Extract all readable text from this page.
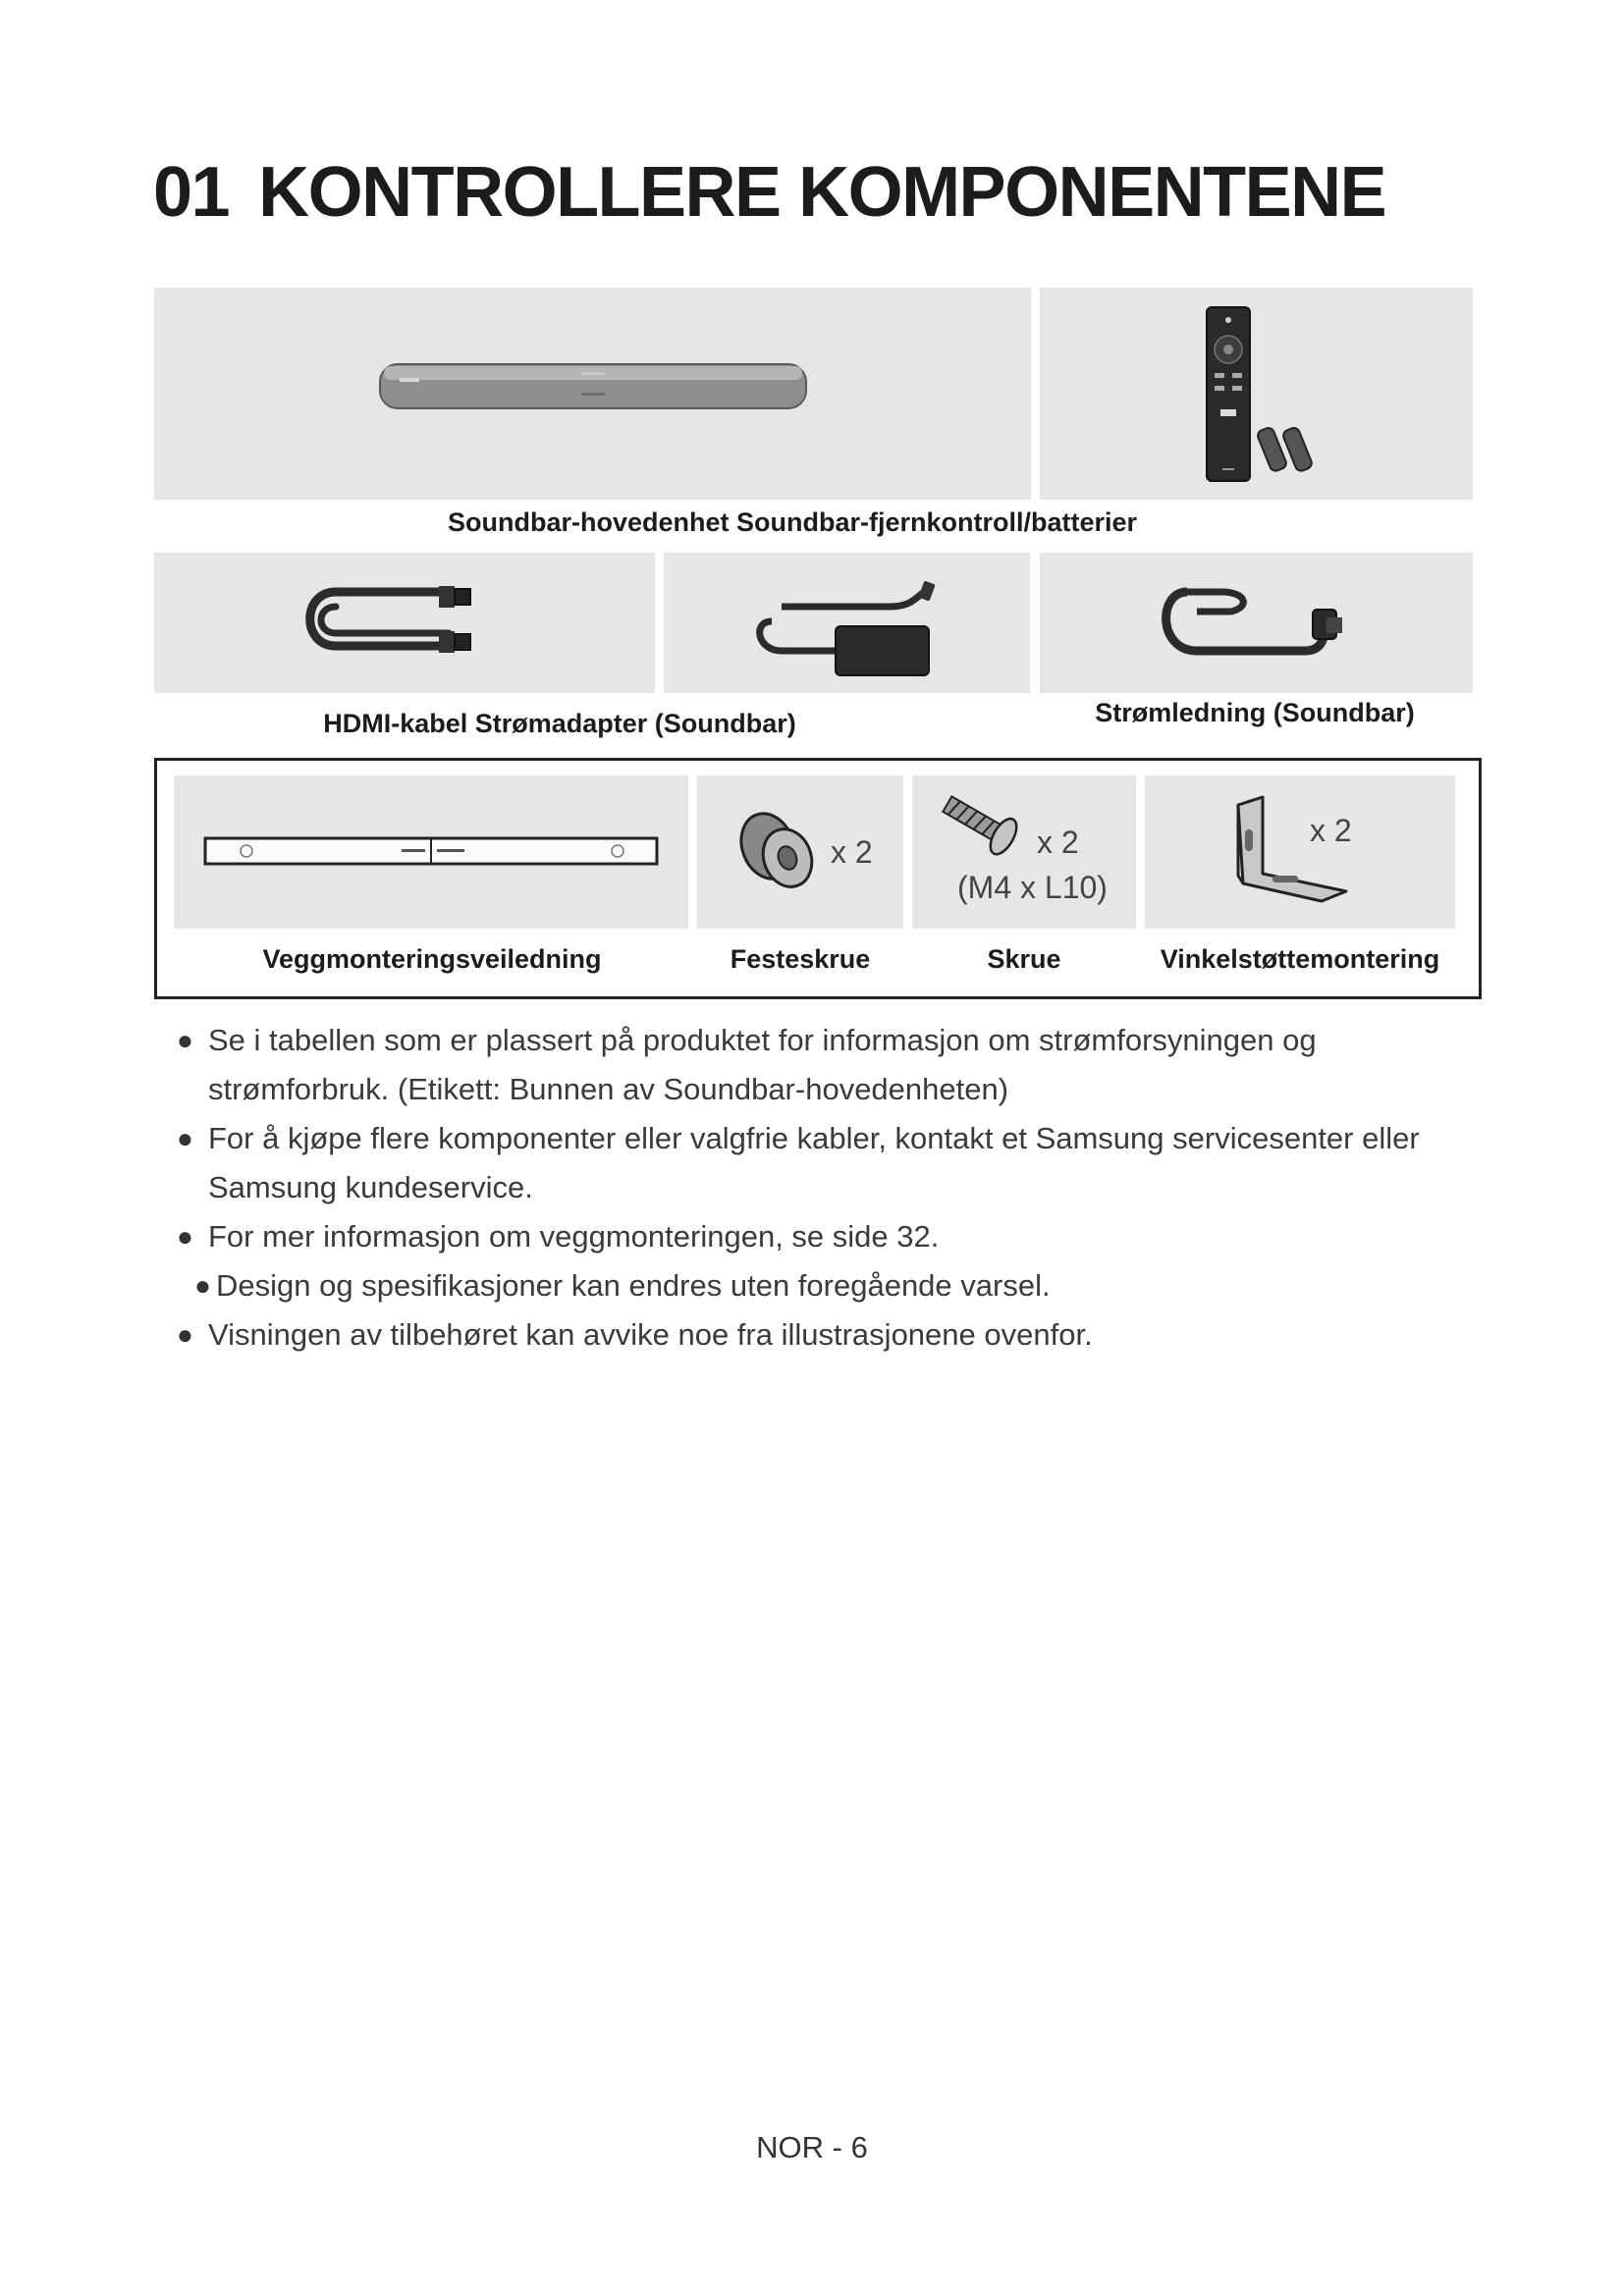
01 KONTROLLERE KOMPONENTENE
Soundbar-hovedenhet Soundbar-fjernkontroll/batterier
HDMI-kabel Strømadapter (Soundbar)	Strømledning (Soundbar)
x 2	x 2
(M4 x L10)
x 2
Veggmonteringsveiledning	Festeskrue	Skrue	Vinkelstøttemontering
● Se i tabellen som er plassert på produktet for informasjon om strømforsyningen og strømforbruk. (Etikett: Bunnen av Soundbar-hovedenheten)
● For å kjøpe flere komponenter eller valgfrie kabler, kontakt et Samsung servicesenter eller Samsung kundeservice.
● For mer informasjon om veggmonteringen, se side 32.
● Design og spesifikasjoner kan endres uten foregående varsel.
● Visningen av tilbehøret kan avvike noe fra illustrasjonene ovenfor.
NOR - 6
